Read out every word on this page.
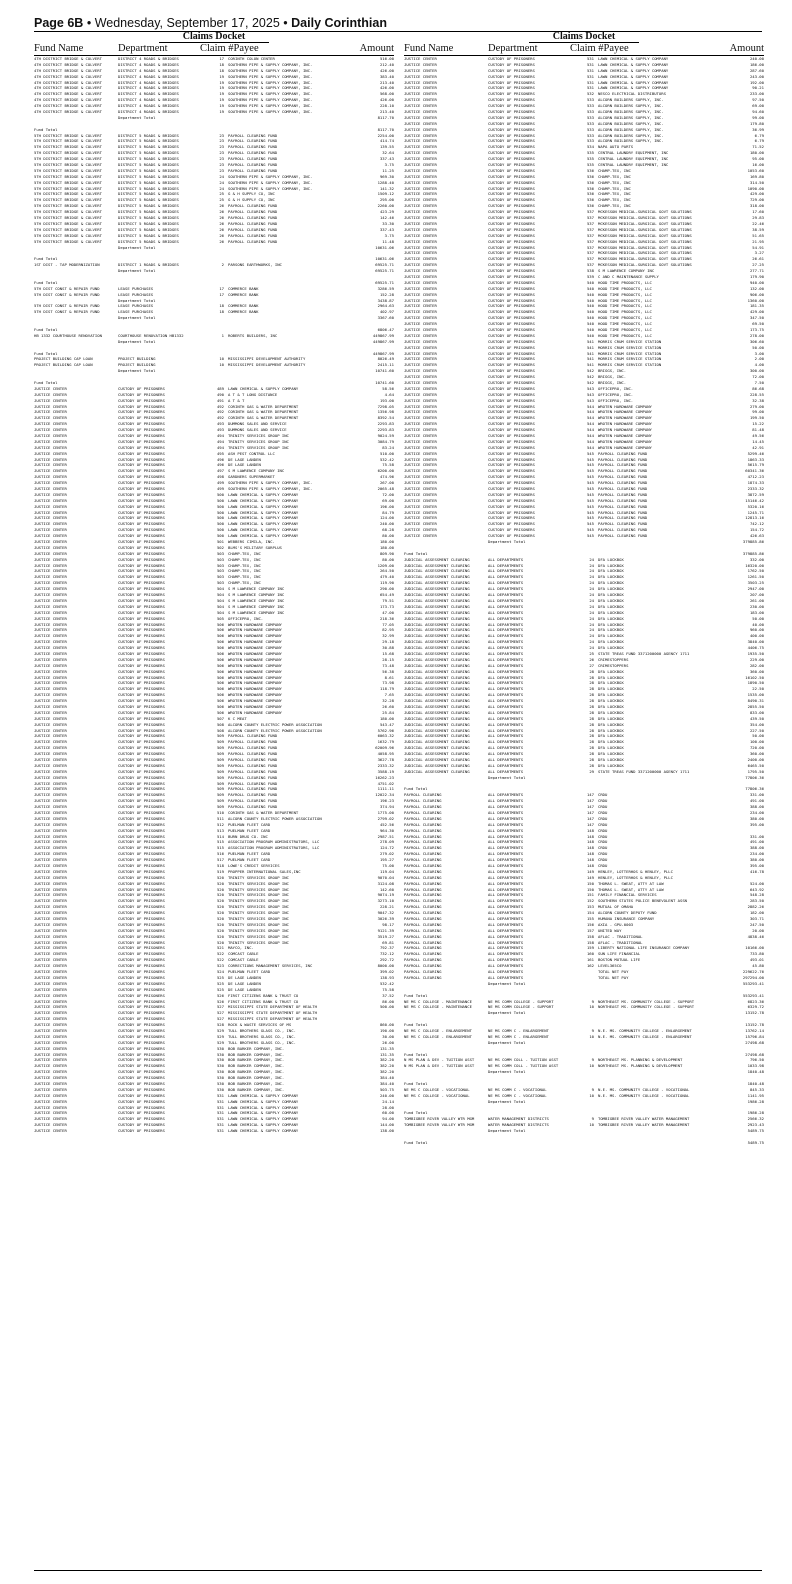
Page 6B • Wednesday, September 17, 2025 • Daily Corinthian
Claims Docket
Fund Name	Department	Claim #Payee	Amount
4TH DISTRICT BRIDGE & CULVERT	DISTRICT 4 ROADS & BRIDGES	17 CORINTH COLON CENTER	516.00
4TH DISTRICT BRIDGE & CULVERT	DISTRICT 4 ROADS & BRIDGES	18 SOUTHERN PIPE & SUPPLY COMPANY, INC.	212.40
4TH DISTRICT BRIDGE & CULVERT	DISTRICT 4 ROADS & BRIDGES	18 SOUTHERN PIPE & SUPPLY COMPANY, INC.	426.00
4TH DISTRICT BRIDGE & CULVERT	DISTRICT 4 ROADS & BRIDGES	19 SOUTHERN PIPE & SUPPLY COMPANY, INC.	383.40
4TH DISTRICT BRIDGE & CULVERT	DISTRICT 4 ROADS & BRIDGES	19 SOUTHERN PIPE & SUPPLY COMPANY, INC.	213.40
4TH DISTRICT BRIDGE & CULVERT	DISTRICT 4 ROADS & BRIDGES	19 SOUTHERN PIPE & SUPPLY COMPANY, INC.	426.00
4TH DISTRICT BRIDGE & CULVERT	DISTRICT 4 ROADS & BRIDGES	19 SOUTHERN PIPE & SUPPLY COMPANY, INC.	568.00
4TH DISTRICT BRIDGE & CULVERT	DISTRICT 4 ROADS & BRIDGES	19 SOUTHERN PIPE & SUPPLY COMPANY, INC.	426.00
4TH DISTRICT BRIDGE & CULVERT	DISTRICT 4 ROADS & BRIDGES	19 SOUTHERN PIPE & SUPPLY COMPANY, INC.	228.10
4TH DISTRICT BRIDGE & CULVERT	DISTRICT 4 ROADS & BRIDGES	19 SOUTHERN PIPE & SUPPLY COMPANY, INC.	213.40
Department Total	8117.70
Fund Total	8117.70
5TH DISTRICT BRIDGE & CULVERT	DISTRICT 5 ROADS & BRIDGES	23 PAYROLL CLEARING FUND	2254.00
5TH DISTRICT BRIDGE & CULVERT	DISTRICT 5 ROADS & BRIDGES	23 PAYROLL CLEARING FUND	414.74
5TH DISTRICT BRIDGE & CULVERT	DISTRICT 5 ROADS & BRIDGES	23 PAYROLL CLEARING FUND	139.55
5TH DISTRICT BRIDGE & CULVERT	DISTRICT 5 ROADS & BRIDGES	23 PAYROLL CLEARING FUND	32.64
5TH DISTRICT BRIDGE & CULVERT	DISTRICT 5 ROADS & BRIDGES	23 PAYROLL CLEARING FUND	337.43
5TH DISTRICT BRIDGE & CULVERT	DISTRICT 5 ROADS & BRIDGES	23 PAYROLL CLEARING FUND	3.75
5TH DISTRICT BRIDGE & CULVERT	DISTRICT 5 ROADS & BRIDGES	23 PAYROLL CLEARING FUND	11.25
5TH DISTRICT BRIDGE & CULVERT	DISTRICT 5 ROADS & BRIDGES	24 SOUTHERN PIPE & SUPPLY COMPANY, INC.	969.30
5TH DISTRICT BRIDGE & CULVERT	DISTRICT 5 ROADS & BRIDGES	24 SOUTHERN PIPE & SUPPLY COMPANY, INC.	1288.40
5TH DISTRICT BRIDGE & CULVERT	DISTRICT 5 ROADS & BRIDGES	24 SOUTHERN PIPE & SUPPLY COMPANY, INC.	141.32
5TH DISTRICT BRIDGE & CULVERT	DISTRICT 5 ROADS & BRIDGES	25 G & H SUPPLY CO, INC	1509.12
5TH DISTRICT BRIDGE & CULVERT	DISTRICT 5 ROADS & BRIDGES	25 G & H SUPPLY CO, INC	295.00
5TH DISTRICT BRIDGE & CULVERT	DISTRICT 5 ROADS & BRIDGES	26 PAYROLL CLEARING FUND	2260.00
5TH DISTRICT BRIDGE & CULVERT	DISTRICT 5 ROADS & BRIDGES	26 PAYROLL CLEARING FUND	423.29
5TH DISTRICT BRIDGE & CULVERT	DISTRICT 5 ROADS & BRIDGES	26 PAYROLL CLEARING FUND	142.46
5TH DISTRICT BRIDGE & CULVERT	DISTRICT 5 ROADS & BRIDGES	26 PAYROLL CLEARING FUND	33.30
5TH DISTRICT BRIDGE & CULVERT	DISTRICT 5 ROADS & BRIDGES	26 PAYROLL CLEARING FUND	337.43
5TH DISTRICT BRIDGE & CULVERT	DISTRICT 5 ROADS & BRIDGES	26 PAYROLL CLEARING FUND	3.75
5TH DISTRICT BRIDGE & CULVERT	DISTRICT 5 ROADS & BRIDGES	26 PAYROLL CLEARING FUND	11.48
Department Total	10631.06
Fund Total	10631.06
1ST DIST - TAP MODERNIZATION	DISTRICT 1 ROADS & BRIDGES	2 PARSONS EARTHWORKS, INC	69525.71
Department Total	69525.71
Fund Total	69525.71
5TH DIST CONST & REPAIR FUND	LEASE PURCHASES	17 COMMERCE BANK	3286.59
5TH DIST CONST & REPAIR FUND	LEASE PURCHASES	17 COMMERCE BANK	152.28
Department Total	3438.87
5TH DIST CONST & REPAIR FUND	LEASE PURCHASES	18 COMMERCE BANK	2964.63
5TH DIST CONST & REPAIR FUND	LEASE PURCHASES	18 COMMERCE BANK	402.97
Department Total	3367.60
Fund Total	6806.47
HB 1332 COURTHOUSE RENOVATION	COURTHOUSE RENOVATION HB1332	1 ROBERTS BUILDERS, INC	449867.99
Department Total	449867.99
Fund Total	449867.99
PROJECT BUILDING CAP LOAN	PROJECT BUILDING	10 MISSISSIPPI DEVELOPMENT AUTHORITY	8026.49
PROJECT BUILDING CAP LOAN	PROJECT BUILDING	10 MISSISSIPPI DEVELOPMENT AUTHORITY	2415.11
Department Total	10741.60
Fund Total	10741.60
JUSTICE CENTER	CUSTODY OF PRISONERS	489 LAWN CHEMICAL & SUPPLY COMPANY	58.56
JUSTICE CENTER	CUSTODY OF PRISONERS	490 A T & T LONG DISTANCE	4.64
JUSTICE CENTER	CUSTODY OF PRISONERS	491 A T & T	193.00
JUSTICE CENTER	CUSTODY OF PRISONERS	492 CORINTH GAS & WATER DEPARTMENT	7298.05
JUSTICE CENTER	CUSTODY OF PRISONERS	492 CORINTH GAS & WATER DEPARTMENT	1356.98
JUSTICE CENTER	CUSTODY OF PRISONERS	492 CORINTH GAS & WATER DEPARTMENT	8392.54
JUSTICE CENTER	CUSTODY OF PRISONERS	493 DUMMONS SALES AND SERVICE	2293.83
JUSTICE CENTER	CUSTODY OF PRISONERS	493 DUMMONS SALES AND SERVICE	2293.83
JUSTICE CENTER	CUSTODY OF PRISONERS	494 TRINITY SERVICES GROUP INC	9024.59
JUSTICE CENTER	CUSTODY OF PRISONERS	494 TRINITY SERVICES GROUP INC	3084.79
JUSTICE CENTER	CUSTODY OF PRISONERS	494 TRINITY SERVICES GROUP INC	83.24
JUSTICE CENTER	CUSTODY OF PRISONERS	495 ASH PEST CONTROL LLC	510.00
JUSTICE CENTER	CUSTODY OF PRISONERS	496 DE LAGE LANDEN	532.42
JUSTICE CENTER	CUSTODY OF PRISONERS	496 DE LAGE LANDEN	75.58
JUSTICE CENTER	CUSTODY OF PRISONERS	497 S M LAWRENCE COMPANY INC	6200.00
JUSTICE CENTER	CUSTODY OF PRISONERS	498 GARDNERS SUPERMARKET	474.96
JUSTICE CENTER	CUSTODY OF PRISONERS	499 SOUTHERN PIPE & SUPPLY COMPANY, INC.	267.00
JUSTICE CENTER	CUSTODY OF PRISONERS	499 SOUTHERN PIPE & SUPPLY COMPANY, INC.	2065.48
JUSTICE CENTER	CUSTODY OF PRISONERS	500 LAWN CHEMICAL & SUPPLY COMPANY	72.00
JUSTICE CENTER	CUSTODY OF PRISONERS	500 LAWN CHEMICAL & SUPPLY COMPANY	69.00
JUSTICE CENTER	CUSTODY OF PRISONERS	500 LAWN CHEMICAL & SUPPLY COMPANY	196.00
JUSTICE CENTER	CUSTODY OF PRISONERS	500 LAWN CHEMICAL & SUPPLY COMPANY	84.79
JUSTICE CENTER	CUSTODY OF PRISONERS	500 LAWN CHEMICAL & SUPPLY COMPANY	124.00
JUSTICE CENTER	CUSTODY OF PRISONERS	500 LAWN CHEMICAL & SUPPLY COMPANY	240.00
JUSTICE CENTER	CUSTODY OF PRISONERS	500 LAWN CHEMICAL & SUPPLY COMPANY	68.28
JUSTICE CENTER	CUSTODY OF PRISONERS	500 LAWN CHEMICAL & SUPPLY COMPANY	80.00
JUSTICE CENTER	CUSTODY OF PRISONERS	501 WEBBERS CIMILA, INC.	180.00
JUSTICE CENTER	CUSTODY OF PRISONERS	502 BLMS'S MILITARY SURPLUS	180.00
JUSTICE CENTER	CUSTODY OF PRISONERS	503 CHAMP-TEX, INC	809.90
JUSTICE CENTER	CUSTODY OF PRISONERS	503 CHAMP-TEX, INC	80.00
JUSTICE CENTER	CUSTODY OF PRISONERS	503 CHAMP-TEX, INC	1209.00
JUSTICE CENTER	CUSTODY OF PRISONERS	503 CHAMP-TEX, INC	264.50
JUSTICE CENTER	CUSTODY OF PRISONERS	503 CHAMP-TEX, INC	479.40
JUSTICE CENTER	CUSTODY OF PRISONERS	503 CHAMP-TEX, INC	119.90
JUSTICE CENTER	CUSTODY OF PRISONERS	504 S M LAWRENCE COMPANY INC	290.00
JUSTICE CENTER	CUSTODY OF PRISONERS	504 S M LAWRENCE COMPANY INC	654.49
JUSTICE CENTER	CUSTODY OF PRISONERS	504 S M LAWRENCE COMPANY INC	79.51
JUSTICE CENTER	CUSTODY OF PRISONERS	504 S M LAWRENCE COMPANY INC	173.73
JUSTICE CENTER	CUSTODY OF PRISONERS	504 S M LAWRENCE COMPANY INC	47.00
JUSTICE CENTER	CUSTODY OF PRISONERS	505 OFFICEPRO, INC.	218.36
JUSTICE CENTER	CUSTODY OF PRISONERS	506 WROTEN HARDWARE COMPANY	77.05
JUSTICE CENTER	CUSTODY OF PRISONERS	506 WROTEN HARDWARE COMPANY	82.95
JUSTICE CENTER	CUSTODY OF PRISONERS	506 WROTEN HARDWARE COMPANY	32.99
JUSTICE CENTER	CUSTODY OF PRISONERS	506 WROTEN HARDWARE COMPANY	29.18
JUSTICE CENTER	CUSTODY OF PRISONERS	506 WROTEN HARDWARE COMPANY	30.88
JUSTICE CENTER	CUSTODY OF PRISONERS	506 WROTEN HARDWARE COMPANY	15.68
JUSTICE CENTER	CUSTODY OF PRISONERS	506 WROTEN HARDWARE COMPANY	28.15
JUSTICE CENTER	CUSTODY OF PRISONERS	506 WROTEN HARDWARE COMPANY	73.48
JUSTICE CENTER	CUSTODY OF PRISONERS	506 WROTEN HARDWARE COMPANY	56.38
JUSTICE CENTER	CUSTODY OF PRISONERS	506 WROTEN HARDWARE COMPANY	8.61
JUSTICE CENTER	CUSTODY OF PRISONERS	506 WROTEN HARDWARE COMPANY	73.98
JUSTICE CENTER	CUSTODY OF PRISONERS	506 WROTEN HARDWARE COMPANY	118.79
JUSTICE CENTER	CUSTODY OF PRISONERS	506 WROTEN HARDWARE COMPANY	7.65
JUSTICE CENTER	CUSTODY OF PRISONERS	506 WROTEN HARDWARE COMPANY	32.28
JUSTICE CENTER	CUSTODY OF PRISONERS	506 WROTEN HARDWARE COMPANY	26.60
JUSTICE CENTER	CUSTODY OF PRISONERS	506 WROTEN HARDWARE COMPANY	25.84
JUSTICE CENTER	CUSTODY OF PRISONERS	507 K C MEAT	180.00
JUSTICE CENTER	CUSTODY OF PRISONERS	508 ALCORN COUNTY ELECTRIC POWER ASSOCIATION	543.47
JUSTICE CENTER	CUSTODY OF PRISONERS	508 ALCORN COUNTY ELECTRIC POWER ASSOCIATION	5762.96
JUSTICE CENTER	CUSTODY OF PRISONERS	509 PAYROLL CLEARING FUND	6063.32
JUSTICE CENTER	CUSTODY OF PRISONERS	509 PAYROLL CLEARING FUND	1632.79
JUSTICE CENTER	CUSTODY OF PRISONERS	509 PAYROLL CLEARING FUND	62009.96
JUSTICE CENTER	CUSTODY OF PRISONERS	509 PAYROLL CLEARING FUND	4058.95
JUSTICE CENTER	CUSTODY OF PRISONERS	509 PAYROLL CLEARING FUND	3627.78
JUSTICE CENTER	CUSTODY OF PRISONERS	509 PAYROLL CLEARING FUND	2333.32
JUSTICE CENTER	CUSTODY OF PRISONERS	509 PAYROLL CLEARING FUND	3588.19
JUSTICE CENTER	CUSTODY OF PRISONERS	509 PAYROLL CLEARING FUND	16262.23
JUSTICE CENTER	CUSTODY OF PRISONERS	509 PAYROLL CLEARING FUND	4751.02
JUSTICE CENTER	CUSTODY OF PRISONERS	509 PAYROLL CLEARING FUND	1111.11
JUSTICE CENTER	CUSTODY OF PRISONERS	509 PAYROLL CLEARING FUND	12022.34
JUSTICE CENTER	CUSTODY OF PRISONERS	509 PAYROLL CLEARING FUND	196.23
JUSTICE CENTER	CUSTODY OF PRISONERS	509 PAYROLL CLEARING FUND	374.94
JUSTICE CENTER	CUSTODY OF PRISONERS	510 CORINTH GAS & WATER DEPARTMENT	1775.00
JUSTICE CENTER	CUSTODY OF PRISONERS	511 ALCORN COUNTY ELECTRIC POWER ASSOCIATION	2799.02
JUSTICE CENTER	CUSTODY OF PRISONERS	512 PUELMAN FLEET CARD	452.56
JUSTICE CENTER	CUSTODY OF PRISONERS	513 PUELMAN FLEET CARD	964.30
JUSTICE CENTER	CUSTODY OF PRISONERS	514 BURN DRUG CO. INC	2987.51
JUSTICE CENTER	CUSTODY OF PRISONERS	515 ASSOCIATION PROGRAM ADMINISTRATORS, LLC	278.09
JUSTICE CENTER	CUSTODY OF PRISONERS	515 ASSOCIATION PROGRAM ADMINISTRATORS, LLC	124.72
JUSTICE CENTER	CUSTODY OF PRISONERS	516 PUELMAN FLEET CARD	279.02
JUSTICE CENTER	CUSTODY OF PRISONERS	517 PUELMAN FLEET CARD	195.27
JUSTICE CENTER	CUSTODY OF PRISONERS	518 LOWE'S CREDIT SERVICES	75.00
JUSTICE CENTER	CUSTODY OF PRISONERS	519 PROPPER INTERNATIONAL SALES,INC	119.04
JUSTICE CENTER	CUSTODY OF PRISONERS	520 TRINITY SERVICES GROUP INC	9070.04
JUSTICE CENTER	CUSTODY OF PRISONERS	520 TRINITY SERVICES GROUP INC	3124.08
JUSTICE CENTER	CUSTODY OF PRISONERS	520 TRINITY SERVICES GROUP INC	142.60
JUSTICE CENTER	CUSTODY OF PRISONERS	520 TRINITY SERVICES GROUP INC	9074.19
JUSTICE CENTER	CUSTODY OF PRISONERS	520 TRINITY SERVICES GROUP INC	3273.10
JUSTICE CENTER	CUSTODY OF PRISONERS	520 TRINITY SERVICES GROUP INC	228.21
JUSTICE CENTER	CUSTODY OF PRISONERS	520 TRINITY SERVICES GROUP INC	9047.32
JUSTICE CENTER	CUSTODY OF PRISONERS	520 TRINITY SERVICES GROUP INC	3026.39
JUSTICE CENTER	CUSTODY OF PRISONERS	520 TRINITY SERVICES GROUP INC	98.17
JUSTICE CENTER	CUSTODY OF PRISONERS	520 TRINITY SERVICES GROUP INC	9121.39
JUSTICE CENTER	CUSTODY OF PRISONERS	520 TRINITY SERVICES GROUP INC	3519.27
JUSTICE CENTER	CUSTODY OF PRISONERS	520 TRINITY SERVICES GROUP INC	69.81
JUSTICE CENTER	CUSTODY OF PRISONERS	521 MAYCO, INC.	792.37
JUSTICE CENTER	CUSTODY OF PRISONERS	522 COMCAST CABLE	732.12
JUSTICE CENTER	CUSTODY OF PRISONERS	522 COMCAST CABLE	292.72
JUSTICE CENTER	CUSTODY OF PRISONERS	523 CORRECTIONS MANAGEMENT SERVICES, INC	8000.00
JUSTICE CENTER	CUSTODY OF PRISONERS	524 PUELMAN FLEET CARD	399.02
JUSTICE CENTER	CUSTODY OF PRISONERS	525 DE LAGE LANDEN	138.93
JUSTICE CENTER	CUSTODY OF PRISONERS	525 DE LAGE LANDEN	532.42
JUSTICE CENTER	CUSTODY OF PRISONERS	525 DE LAGE LANDEN	75.58
JUSTICE CENTER	CUSTODY OF PRISONERS	526 FIRST CITIZENS BANK & TRUST CO	37.52
JUSTICE CENTER	CUSTODY OF PRISONERS	526 FIRST CITIZENS BANK & TRUST CO	86.00
JUSTICE CENTER	CUSTODY OF PRISONERS	527 MISSISSIPPI STATE DEPARTMENT OF HEALTH	500.00
JUSTICE CENTER	CUSTODY OF PRISONERS	527 MISSISSIPPI STATE DEPARTMENT OF HEALTH
JUSTICE CENTER	CUSTODY OF PRISONERS	527 MISSISSIPPI STATE DEPARTMENT OF HEALTH
JUSTICE CENTER	CUSTODY OF PRISONERS	528 ROCK & WASTE SERVICES OF MS	860.00
JUSTICE CENTER	CUSTODY OF PRISONERS	529 TULL BROTHERS GLASS CO., INC.	190.00
JUSTICE CENTER	CUSTODY OF PRISONERS	529 TULL BROTHERS GLASS CO., INC.	30.00
JUSTICE CENTER	CUSTODY OF PRISONERS	529 TULL BROTHERS GLASS CO., INC.	26.00
JUSTICE CENTER	CUSTODY OF PRISONERS	530 BOB BARKER COMPANY, INC.	131.35
JUSTICE CENTER	CUSTODY OF PRISONERS	530 BOB BARKER COMPANY, INC.	131.35
JUSTICE CENTER	CUSTODY OF PRISONERS	530 BOB BARKER COMPANY, INC.	382.20
JUSTICE CENTER	CUSTODY OF PRISONERS	530 BOB BARKER COMPANY, INC.	382.20
JUSTICE CENTER	CUSTODY OF PRISONERS	530 BOB BARKER COMPANY, INC.	382.20
JUSTICE CENTER	CUSTODY OF PRISONERS	530 BOB BARKER COMPANY, INC.	384.40
JUSTICE CENTER	CUSTODY OF PRISONERS	530 BOB BARKER COMPANY, INC.	384.40
JUSTICE CENTER	CUSTODY OF PRISONERS	530 BOB BARKER COMPANY, INC.	503.75
JUSTICE CENTER	CUSTODY OF PRISONERS	531 LAWN CHEMICAL & SUPPLY COMPANY	240.00
JUSTICE CENTER	CUSTODY OF PRISONERS	531 LAWN CHEMICAL & SUPPLY COMPANY	24.14
JUSTICE CENTER	CUSTODY OF PRISONERS	531 LAWN CHEMICAL & SUPPLY COMPANY	28.00
JUSTICE CENTER	CUSTODY OF PRISONERS	531 LAWN CHEMICAL & SUPPLY COMPANY	60.00
JUSTICE CENTER	CUSTODY OF PRISONERS	531 LAWN CHEMICAL & SUPPLY COMPANY	94.00
JUSTICE CENTER	CUSTODY OF PRISONERS	531 LAWN CHEMICAL & SUPPLY COMPANY	144.00
JUSTICE CENTER	CUSTODY OF PRISONERS	531 LAWN CHEMICAL & SUPPLY COMPANY	138.00
Claims Docket
Fund Name	Department	Claim #Payee	Amount
JUSTICE CENTER	CUSTODY OF PRISONERS	531 LAWN CHEMICAL & SUPPLY COMPANY	240.00
JUSTICE CENTER	CUSTODY OF PRISONERS	531 LAWN CHEMICAL & SUPPLY COMPANY	186.00
JUSTICE CENTER	CUSTODY OF PRISONERS	531 LAWN CHEMICAL & SUPPLY COMPANY	287.60
JUSTICE CENTER	CUSTODY OF PRISONERS	531 LAWN CHEMICAL & SUPPLY COMPANY	243.00
JUSTICE CENTER	CUSTODY OF PRISONERS	531 LAWN CHEMICAL & SUPPLY COMPANY	192.00
JUSTICE CENTER	CUSTODY OF PRISONERS	531 LAWN CHEMICAL & SUPPLY COMPANY	90.21
JUSTICE CENTER	CUSTODY OF PRISONERS	532 NESCO ELECTRICAL DISTRIBUTORS	233.00
JUSTICE CENTER	CUSTODY OF PRISONERS	533 ALCORN BUILDERS SUPPLY, INC.	97.50
JUSTICE CENTER	CUSTODY OF PRISONERS	533 ALCORN BUILDERS SUPPLY, INC.	69.00
JUSTICE CENTER	CUSTODY OF PRISONERS	533 ALCORN BUILDERS SUPPLY, INC.	94.60
JUSTICE CENTER	CUSTODY OF PRISONERS	533 ALCORN BUILDERS SUPPLY, INC.	99.00
JUSTICE CENTER	CUSTODY OF PRISONERS	533 ALCORN BUILDERS SUPPLY, INC.	179.80
JUSTICE CENTER	CUSTODY OF PRISONERS	533 ALCORN BUILDERS SUPPLY, INC.	36.99
JUSTICE CENTER	CUSTODY OF PRISONERS	533 ALCORN BUILDERS SUPPLY, INC.	6.79
JUSTICE CENTER	CUSTODY OF PRISONERS	533 ALCORN BUILDERS SUPPLY, INC.	6.79
JUSTICE CENTER	CUSTODY OF PRISONERS	534 NAPA AUTO PARTS	71.52
JUSTICE CENTER	CUSTODY OF PRISONERS	535 CENTRAL LAUNDRY EQUIPMENT, INC	180.00
JUSTICE CENTER	CUSTODY OF PRISONERS	535 CENTRAL LAUNDRY EQUIPMENT, INC	95.00
JUSTICE CENTER	CUSTODY OF PRISONERS	535 CENTRAL LAUNDRY EQUIPMENT, INC	16.00
JUSTICE CENTER	CUSTODY OF PRISONERS	536 CHAMP-TEX, INC	1053.60
JUSTICE CENTER	CUSTODY OF PRISONERS	536 CHAMP-TEX, INC	169.80
JUSTICE CENTER	CUSTODY OF PRISONERS	536 CHAMP-TEX, INC	314.50
JUSTICE CENTER	CUSTODY OF PRISONERS	536 CHAMP-TEX, INC	1090.00
JUSTICE CENTER	CUSTODY OF PRISONERS	536 CHAMP-TEX, INC	429.00
JUSTICE CENTER	CUSTODY OF PRISONERS	536 CHAMP-TEX, INC	729.00
JUSTICE CENTER	CUSTODY OF PRISONERS	536 CHAMP-TEX, INC	318.00
JUSTICE CENTER	CUSTODY OF PRISONERS	537 MCKESSON MEDICAL-SURGICAL GOVT SOLUTIONS	17.60
JUSTICE CENTER	CUSTODY OF PRISONERS	537 MCKESSON MEDICAL-SURGICAL GOVT SOLUTIONS	29.83
JUSTICE CENTER	CUSTODY OF PRISONERS	537 MCKESSON MEDICAL-SURGICAL GOVT SOLUTIONS	22.46
JUSTICE CENTER	CUSTODY OF PRISONERS	537 MCKESSON MEDICAL-SURGICAL GOVT SOLUTIONS	38.59
JUSTICE CENTER	CUSTODY OF PRISONERS	537 MCKESSON MEDICAL-SURGICAL GOVT SOLUTIONS	51.65
JUSTICE CENTER	CUSTODY OF PRISONERS	537 MCKESSON MEDICAL-SURGICAL GOVT SOLUTIONS	21.95
JUSTICE CENTER	CUSTODY OF PRISONERS	537 MCKESSON MEDICAL-SURGICAL GOVT SOLUTIONS	54.91
JUSTICE CENTER	CUSTODY OF PRISONERS	537 MCKESSON MEDICAL-SURGICAL GOVT SOLUTIONS	3.27
JUSTICE CENTER	CUSTODY OF PRISONERS	537 MCKESSON MEDICAL-SURGICAL GOVT SOLUTIONS	26.61
JUSTICE CENTER	CUSTODY OF PRISONERS	537 MCKESSON MEDICAL-SURGICAL GOVT SOLUTIONS	27.25
JUSTICE CENTER	CUSTODY OF PRISONERS	538 S M LAWRENCE COMPANY INC	277.71
JUSTICE CENTER	CUSTODY OF PRISONERS	539 C AND C MAINTENANCE SUPPLY	179.90
JUSTICE CENTER	CUSTODY OF PRISONERS	540 HOOD TIME PRODUCTS, LLC	940.00
JUSTICE CENTER	CUSTODY OF PRISONERS	540 HOOD TIME PRODUCTS, LLC	132.00
JUSTICE CENTER	CUSTODY OF PRISONERS	540 HOOD TIME PRODUCTS, LLC	906.00
JUSTICE CENTER	CUSTODY OF PRISONERS	540 HOOD TIME PRODUCTS, LLC	1360.00
JUSTICE CENTER	CUSTODY OF PRISONERS	540 HOOD TIME PRODUCTS, LLC	181.35
JUSTICE CENTER	CUSTODY OF PRISONERS	540 HOOD TIME PRODUCTS, LLC	429.00
JUSTICE CENTER	CUSTODY OF PRISONERS	540 HOOD TIME PRODUCTS, LLC	347.50
JUSTICE CENTER	CUSTODY OF PRISONERS	540 HOOD TIME PRODUCTS, LLC	69.50
JUSTICE CENTER	CUSTODY OF PRISONERS	540 HOOD TIME PRODUCTS, LLC	173.75
JUSTICE CENTER	CUSTODY OF PRISONERS	540 HOOD TIME PRODUCTS, LLC	278.00
JUSTICE CENTER	CUSTODY OF PRISONERS	541 MORRIS CRUM SERVICE STATION	306.60
JUSTICE CENTER	CUSTODY OF PRISONERS	541 MORRIS CRUM SERVICE STATION	50.00
JUSTICE CENTER	CUSTODY OF PRISONERS	541 MORRIS CRUM SERVICE STATION	3.00
JUSTICE CENTER	CUSTODY OF PRISONERS	541 MORRIS CRUM SERVICE STATION	2.00
JUSTICE CENTER	CUSTODY OF PRISONERS	541 MORRIS CRUM SERVICE STATION	4.00
JUSTICE CENTER	CUSTODY OF PRISONERS	542 BRIGGS, INC.	300.00
JUSTICE CENTER	CUSTODY OF PRISONERS	542 BRIGGS, INC.	72.00
JUSTICE CENTER	CUSTODY OF PRISONERS	542 BRIGGS, INC.	7.50
JUSTICE CENTER	CUSTODY OF PRISONERS	543 OFFICEPRO, INC.	86.68
JUSTICE CENTER	CUSTODY OF PRISONERS	543 OFFICEPRO, INC.	228.55
JUSTICE CENTER	CUSTODY OF PRISONERS	543 OFFICEPRO, INC.	32.38
JUSTICE CENTER	CUSTODY OF PRISONERS	544 WROTEN HARDWARE COMPANY	279.00
JUSTICE CENTER	CUSTODY OF PRISONERS	544 WROTEN HARDWARE COMPANY	99.00
JUSTICE CENTER	CUSTODY OF PRISONERS	544 WROTEN HARDWARE COMPANY	199.50
JUSTICE CENTER	CUSTODY OF PRISONERS	544 WROTEN HARDWARE COMPANY	15.22
JUSTICE CENTER	CUSTODY OF PRISONERS	544 WROTEN HARDWARE COMPANY	81.48
JUSTICE CENTER	CUSTODY OF PRISONERS	544 WROTEN HARDWARE COMPANY	49.56
JUSTICE CENTER	CUSTODY OF PRISONERS	544 WROTEN HARDWARE COMPANY	14.45
JUSTICE CENTER	CUSTODY OF PRISONERS	544 WROTEN HARDWARE COMPANY	42.91
JUSTICE CENTER	CUSTODY OF PRISONERS	545 PAYROLL CLEARING FUND	5299.46
JUSTICE CENTER	CUSTODY OF PRISONERS	545 PAYROLL CLEARING FUND	1863.33
JUSTICE CENTER	CUSTODY OF PRISONERS	545 PAYROLL CLEARING FUND	5615.79
JUSTICE CENTER	CUSTODY OF PRISONERS	545 PAYROLL CLEARING FUND	60341.36
JUSTICE CENTER	CUSTODY OF PRISONERS	545 PAYROLL CLEARING FUND	4712.23
JUSTICE CENTER	CUSTODY OF PRISONERS	545 PAYROLL CLEARING FUND	1874.33
JUSTICE CENTER	CUSTODY OF PRISONERS	545 PAYROLL CLEARING FUND	2333.32
JUSTICE CENTER	CUSTODY OF PRISONERS	545 PAYROLL CLEARING FUND	3872.59
JUSTICE CENTER	CUSTODY OF PRISONERS	545 PAYROLL CLEARING FUND	15146.42
JUSTICE CENTER	CUSTODY OF PRISONERS	545 PAYROLL CLEARING FUND	5320.16
JUSTICE CENTER	CUSTODY OF PRISONERS	545 PAYROLL CLEARING FUND	1245.71
JUSTICE CENTER	CUSTODY OF PRISONERS	545 PAYROLL CLEARING FUND	12813.16
JUSTICE CENTER	CUSTODY OF PRISONERS	545 PAYROLL CLEARING FUND	742.12
JUSTICE CENTER	CUSTODY OF PRISONERS	545 PAYROLL CLEARING FUND	154.72
JUSTICE CENTER	CUSTODY OF PRISONERS	545 PAYROLL CLEARING FUND	426.63
Department Total	379885.86
Fund Total	379885.86
JUDICIAL ASSESSMENT CLEARING	ALL DEPARTMENTS	24 DFA LOCKBOX	332.00
JUDICIAL ASSESSMENT CLEARING	ALL DEPARTMENTS	24 DFA LOCKBOX	16320.00
JUDICIAL ASSESSMENT CLEARING	ALL DEPARTMENTS	24 DFA LOCKBOX	1762.50
JUDICIAL ASSESSMENT CLEARING	ALL DEPARTMENTS	24 DFA LOCKBOX	1261.50
JUDICIAL ASSESSMENT CLEARING	ALL DEPARTMENTS	24 DFA LOCKBOX	3503.25
JUDICIAL ASSESSMENT CLEARING	ALL DEPARTMENTS	24 DFA LOCKBOX	2947.00
JUDICIAL ASSESSMENT CLEARING	ALL DEPARTMENTS	24 DFA LOCKBOX	207.00
JUDICIAL ASSESSMENT CLEARING	ALL DEPARTMENTS	24 DFA LOCKBOX	261.00
JUDICIAL ASSESSMENT CLEARING	ALL DEPARTMENTS	24 DFA LOCKBOX	230.00
JUDICIAL ASSESSMENT CLEARING	ALL DEPARTMENTS	24 DFA LOCKBOX	183.00
JUDICIAL ASSESSMENT CLEARING	ALL DEPARTMENTS	24 DFA LOCKBOX	50.00
JUDICIAL ASSESSMENT CLEARING	ALL DEPARTMENTS	24 DFA LOCKBOX	40.00
JUDICIAL ASSESSMENT CLEARING	ALL DEPARTMENTS	24 DFA LOCKBOX	960.00
JUDICIAL ASSESSMENT CLEARING	ALL DEPARTMENTS	24 DFA LOCKBOX	400.00
JUDICIAL ASSESSMENT CLEARING	ALL DEPARTMENTS	24 DFA LOCKBOX	3840.00
JUDICIAL ASSESSMENT CLEARING	ALL DEPARTMENTS	24 DFA LOCKBOX	4406.75
JUDICIAL ASSESSMENT CLEARING	ALL DEPARTMENTS	25 STATE TREAS FUND 3371200000 AGENCY 1711	1935.50
JUDICIAL ASSESSMENT CLEARING	ALL DEPARTMENTS	26 CRIMESTOPPERS	229.00
JUDICIAL ASSESSMENT CLEARING	ALL DEPARTMENTS	27 CRIMESTOPPERS	282.00
JUDICIAL ASSESSMENT CLEARING	ALL DEPARTMENTS	28 DFA LOCKBOX	360.00
JUDICIAL ASSESSMENT CLEARING	ALL DEPARTMENTS	28 DFA LOCKBOX	16102.50
JUDICIAL ASSESSMENT CLEARING	ALL DEPARTMENTS	28 DFA LOCKBOX	1890.50
JUDICIAL ASSESSMENT CLEARING	ALL DEPARTMENTS	28 DFA LOCKBOX	22.50
JUDICIAL ASSESSMENT CLEARING	ALL DEPARTMENTS	28 DFA LOCKBOX	1535.00
JUDICIAL ASSESSMENT CLEARING	ALL DEPARTMENTS	28 DFA LOCKBOX	8490.31
JUDICIAL ASSESSMENT CLEARING	ALL DEPARTMENTS	28 DFA LOCKBOX	2855.50
JUDICIAL ASSESSMENT CLEARING	ALL DEPARTMENTS	28 DFA LOCKBOX	833.00
JUDICIAL ASSESSMENT CLEARING	ALL DEPARTMENTS	28 DFA LOCKBOX	439.50
JUDICIAL ASSESSMENT CLEARING	ALL DEPARTMENTS	28 DFA LOCKBOX	354.00
JUDICIAL ASSESSMENT CLEARING	ALL DEPARTMENTS	28 DFA LOCKBOX	227.50
JUDICIAL ASSESSMENT CLEARING	ALL DEPARTMENTS	28 DFA LOCKBOX	50.00
JUDICIAL ASSESSMENT CLEARING	ALL DEPARTMENTS	28 DFA LOCKBOX	100.00
JUDICIAL ASSESSMENT CLEARING	ALL DEPARTMENTS	28 DFA LOCKBOX	720.00
JUDICIAL ASSESSMENT CLEARING	ALL DEPARTMENTS	28 DFA LOCKBOX	360.00
JUDICIAL ASSESSMENT CLEARING	ALL DEPARTMENTS	28 DFA LOCKBOX	2400.00
JUDICIAL ASSESSMENT CLEARING	ALL DEPARTMENTS	28 DFA LOCKBOX	6465.50
JUDICIAL ASSESSMENT CLEARING	ALL DEPARTMENTS	29 STATE TREAS FUND 3371200000 AGENCY 1711	1795.50
Department Total	77806.36
Fund Total	77806.36
PAYROLL CLEARING	ALL DEPARTMENTS	147 CRDU	331.00
PAYROLL CLEARING	ALL DEPARTMENTS	147 CRDU	491.00
PAYROLL CLEARING	ALL DEPARTMENTS	147 CRDU	388.00
PAYROLL CLEARING	ALL DEPARTMENTS	147 CRDU	234.00
PAYROLL CLEARING	ALL DEPARTMENTS	147 CRDU	380.00
PAYROLL CLEARING	ALL DEPARTMENTS	147 CRDU	395.00
PAYROLL CLEARING	ALL DEPARTMENTS	148 CRDU
PAYROLL CLEARING	ALL DEPARTMENTS	148 CRDU	331.00
PAYROLL CLEARING	ALL DEPARTMENTS	148 CRDU	491.00
PAYROLL CLEARING	ALL DEPARTMENTS	148 CRDU	388.00
PAYROLL CLEARING	ALL DEPARTMENTS	148 CRDU	234.00
PAYROLL CLEARING	ALL DEPARTMENTS	148 CRDU	380.00
PAYROLL CLEARING	ALL DEPARTMENTS	148 CRDU	395.00
PAYROLL CLEARING	ALL DEPARTMENTS	149 HENLEY, LOTTERHOS & HENLEY, PLLC	416.78
PAYROLL CLEARING	ALL DEPARTMENTS	149 HENLEY, LOTTERHOS & HENLEY, PLLC
PAYROLL CLEARING	ALL DEPARTMENTS	150 THOMAS L. SWEAT, ATTY AT LAW	524.00
PAYROLL CLEARING	ALL DEPARTMENTS	150 THOMAS L. SWEAT, ATTY AT LAW	643.92
PAYROLL CLEARING	ALL DEPARTMENTS	151 FAMILY FINANCIAL SERVICES	548.28
PAYROLL CLEARING	ALL DEPARTMENTS	152 SOUTHERN STATES POLICE BENEVOLENT ASSN	283.50
PAYROLL CLEARING	ALL DEPARTMENTS	153 MUTUAL OF OMAHA	2882.26
PAYROLL CLEARING	ALL DEPARTMENTS	154 ALCORN COUNTY DEPUTY FUND	182.00
PAYROLL CLEARING	ALL DEPARTMENTS	155 HUMANA INSURANCE COMPANY	303.71
PAYROLL CLEARING	ALL DEPARTMENTS	156 AXIA - GPU-0003	247.50
PAYROLL CLEARING	ALL DEPARTMENTS	157 UNITED WAY	20.00
PAYROLL CLEARING	ALL DEPARTMENTS	158 AFLAC - TRADITIONAL	4838.46
PAYROLL CLEARING	ALL DEPARTMENTS	158 AFLAC - TRADITIONAL
PAYROLL CLEARING	ALL DEPARTMENTS	159 LIBERTY NATIONAL LIFE INSURANCE COMPANY	10166.00
PAYROLL CLEARING	ALL DEPARTMENTS	160 SUN LIFE FINANCIAL	733.80
PAYROLL CLEARING	ALL DEPARTMENTS	161 BOSTON MUTUAL LIFE	493.01
PAYROLL CLEARING	ALL DEPARTMENTS	162 LEVEL365CO	45.80
PAYROLL CLEARING	ALL DEPARTMENTS	TOTAL NET PAY	229622.76
PAYROLL CLEARING	ALL DEPARTMENTS	TOTAL NET PAY	297294.00
Department Total	553293.41
Fund Total	553293.41
NE MS C COLLEGE - MAINTENANCE	NE MS COMM COLLEGE - SUPPORT	9 NORTHEAST MS. COMMUNITY COLLEGE - SUPPORT	6823.36
NE MS C COLLEGE - MAINTENANCE	NE MS COMM COLLEGE - SUPPORT	10 NORTHEAST MS. COMMUNITY COLLEGE - SUPPORT	6329.72
Department Total	13152.78
Fund Total	13152.78
NE MS C COLLEGE - ENLARGEMENT	NE MS COMM C - ENLARGEMENT	9 N.E. MS. COMMUNITY COLLEGE - ENLARGEMENT	13762.14
NE MS C COLLEGE - ENLARGEMENT	NE MS COMM C - ENLARGEMENT	10 N.E. MS. COMMUNITY COLLEGE - ENLARGEMENT	15796.84
Department Total	27498.68
Fund Total	27498.68
N MS PLAN & DEV - TUITION ASST	NE MS COMM COLL - TUITION ASST	9 NORTHEAST MS. PLANNING & DEVELOPMENT	796.50
N MS PLAN & DEV - TUITION ASST	NE MS COMM COLL - TUITION ASST	10 NORTHEAST MS. PLANNING & DEVELOPMENT	1033.98
Department Total	1840.48
Fund Total	1840.48
NE MS C COLLEGE - VOCATIONAL	NE MS COMM C - VOCATIONAL	9 N.E. MS. COMMUNITY COLLEGE - VOCATIONAL	845.33
NE MS C COLLEGE - VOCATIONAL	NE MS COMM C - VOCATIONAL	10 N.E. MS. COMMUNITY COLLEGE - VOCATIONAL	1141.95
Department Total	1986.28
Fund Total	1986.28
TOMBIGBEE RIVER VALLEY WTR MGM	WATER MANAGEMENT DISTRICTS	9 TOMBIGBEE RIVER VALLEY WATER MANAGEMENT	2566.32
TOMBIGBEE RIVER VALLEY WTR MGM	WATER MANAGEMENT DISTRICTS	10 TOMBIGBEE RIVER VALLEY WATER MANAGEMENT	2923.43
Department Total	5489.75
Fund Total	5489.75
